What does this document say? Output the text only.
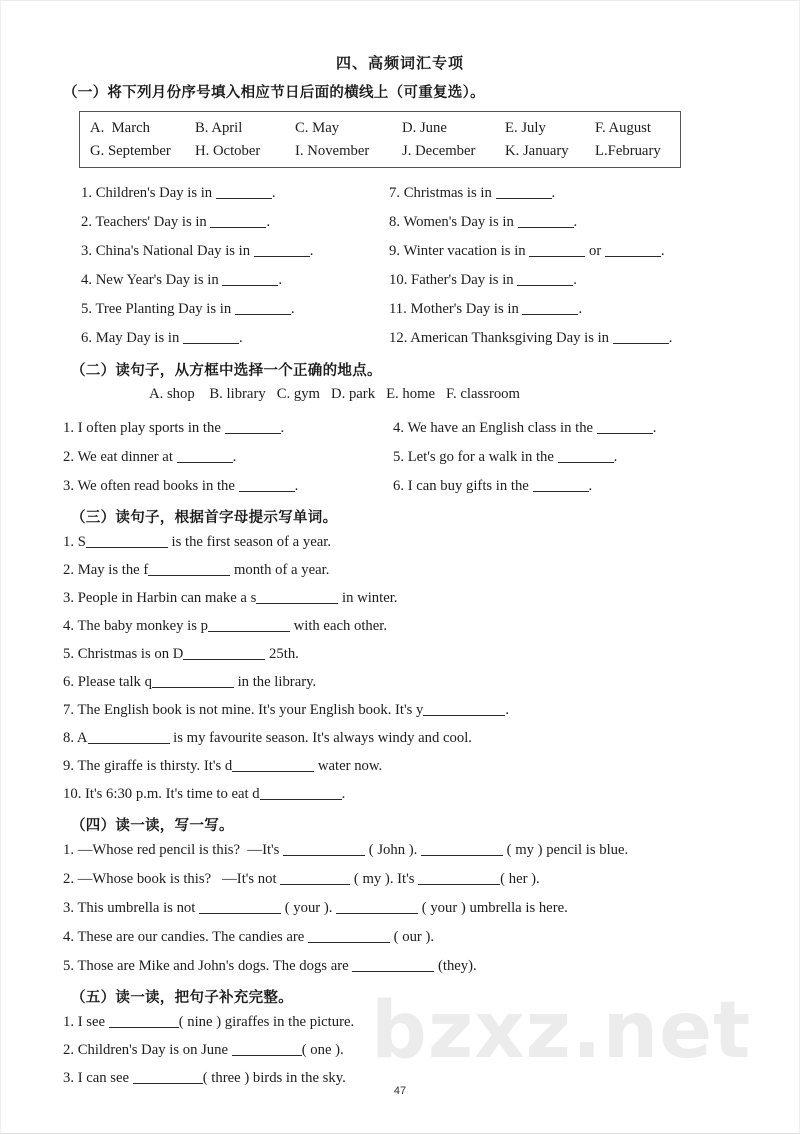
bzxz.net
四、高频词汇专项
（一）将下列月份序号填入相应节日后面的横线上（可重复选）。
A. March	B. April	C. May	D. June	E. July	F. August
G. September H. October I. November J. December K. January L.February
1. Children's Day is in	.
2. Teachers' Day is in	.
3. China's National Day is in	.
4. New Year's Day is in	.
5. Tree Planting Day is in	.
6. May Day is in	.
7. Christmas is in	.
8. Women's Day is in	.
9. Winter vacation is in	or	.
10. Father's Day is in	.
11. Mother's Day is in	.
12. American Thanksgiving Day is in	.
（二）读句子，从方框中选择一个正确的地点。
A. shop B. library C. gym D. park E. home F. classroom
1. I often play sports in the	.
2. We eat dinner at	.
3. We often read books in the	.
4. We have an English class in the	.
5. Let's go for a walk in the	.
6. I can buy gifts in the	.
（三）读句子，根据首字母提示写单词。
1. S	is the first season of a year.
2. May is the f	month of a year.
3. People in Harbin can make a s	in winter.
4. The baby monkey is p	with each other.
5. Christmas is on D	25th.
6. Please talk q	in the library.
7. The English book is not mine. It's your English book. It's y	.
8. A	is my favourite season. It's always windy and cool.
9. The giraffe is thirsty. It's d	water now.
10. It's 6:30 p.m. It's time to eat d	.
（四）读一读，写一写。
1. —Whose red pencil is this? —It's	( John ).	( my ) pencil is blue.
2. —Whose book is this? —It's not	( my ). It's	( her ).
3. This umbrella is not	( your ).	( your ) umbrella is here.
4. These are our candies. The candies are	( our ).
5. Those are Mike and John's dogs. The dogs are	(they).
（五）读一读，把句子补充完整。
1. I see	( nine ) giraffes in the picture.
2. Children's Day is on June	( one ).
3. I can see	( three ) birds in the sky.
47
